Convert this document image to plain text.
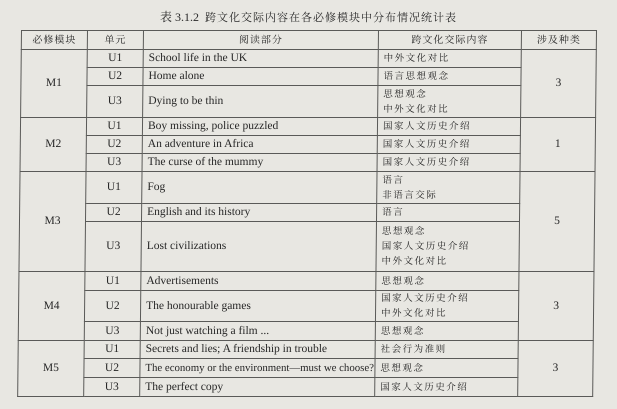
表 3.1.2 跨文化交际内容在各必修模块中分布情况统计表
必修模块	单元	阅读部分	跨文化交际内容	涉及种类
M1	U1	School life in the UK	中外文化对比	3
	U2	Home alone	语言思想观念	

	U3	Dying to be thin	思想观念
中外文化对比	

M2	U1	Boy missing, police puzzled	国家人文历史介绍	1
	U2	An adventure in Africa	国家人文历史介绍	

	U3	The curse of the mummy	国家人文历史介绍	

M3	U1	Fog	语言
非语言交际	5
	U2	English and its history	语言	

	U3	Lost civilizations	思想观念
国家人文历史介绍
中外文化对比	

M4	U1	Advertisements	思想观念	3
	U2	The honourable games	国家人文历史介绍
中外文化对比	

	U3	Not just watching a film ...	思想观念	

M5	U1	Secrets and lies; A friendship in trouble	社会行为准则	3
	U2	The economy or the environment—must we choose?	思想观念	

	U3	The perfect copy	国家人文历史介绍	
